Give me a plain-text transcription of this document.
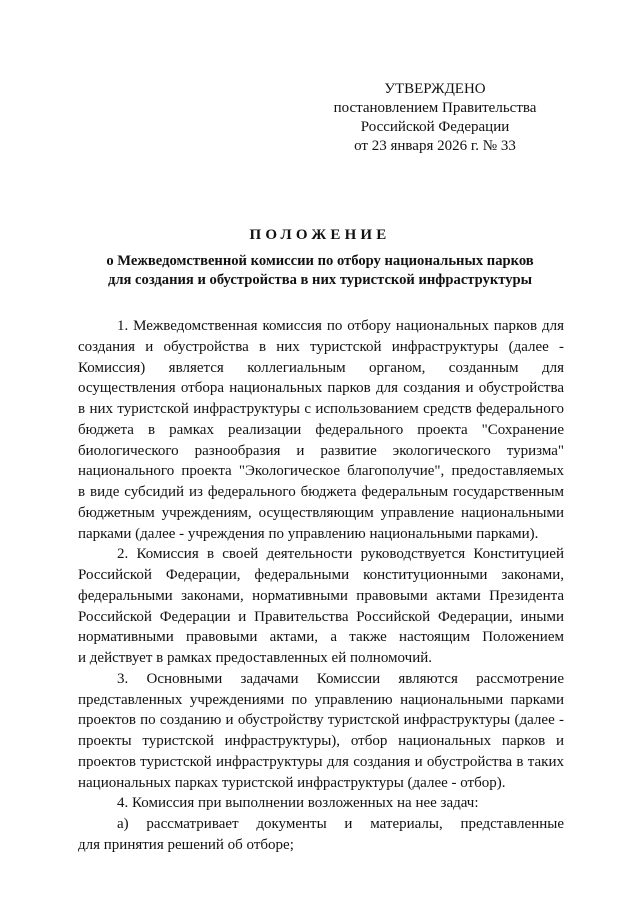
УТВЕРЖДЕНО
постановлением Правительства
Российской Федерации
от 23 января 2026 г. № 33
ПОЛОЖЕНИЕ
о Межведомственной комиссии по отбору национальных парков
для создания и обустройства в них туристской инфраструктуры
1. Межведомственная комиссия по отбору национальных парков для
создания и обустройства в них туристской инфраструктуры (далее -
Комиссия) является коллегиальным органом, созданным для
осуществления отбора национальных парков для создания и обустройства
в них туристской инфраструктуры с использованием средств федерального
бюджета в рамках реализации федерального проекта "Сохранение
биологического разнообразия и развитие экологического туризма"
национального проекта "Экологическое благополучие", предоставляемых
в виде субсидий из федерального бюджета федеральным государственным
бюджетным учреждениям, осуществляющим управление национальными
парками (далее - учреждения по управлению национальными парками).
2. Комиссия в своей деятельности руководствуется Конституцией
Российской Федерации, федеральными конституционными законами,
федеральными законами, нормативными правовыми актами Президента
Российской Федерации и Правительства Российской Федерации, иными
нормативными правовыми актами, а также настоящим Положением
и действует в рамках предоставленных ей полномочий.
3. Основными задачами Комиссии являются рассмотрение
представленных учреждениями по управлению национальными парками
проектов по созданию и обустройству туристской инфраструктуры (далее -
проекты туристской инфраструктуры), отбор национальных парков и
проектов туристской инфраструктуры для создания и обустройства в таких
национальных парках туристской инфраструктуры (далее - отбор).
4. Комиссия при выполнении возложенных на нее задач:
а) рассматривает документы и материалы, представленные
для принятия решений об отборе;
